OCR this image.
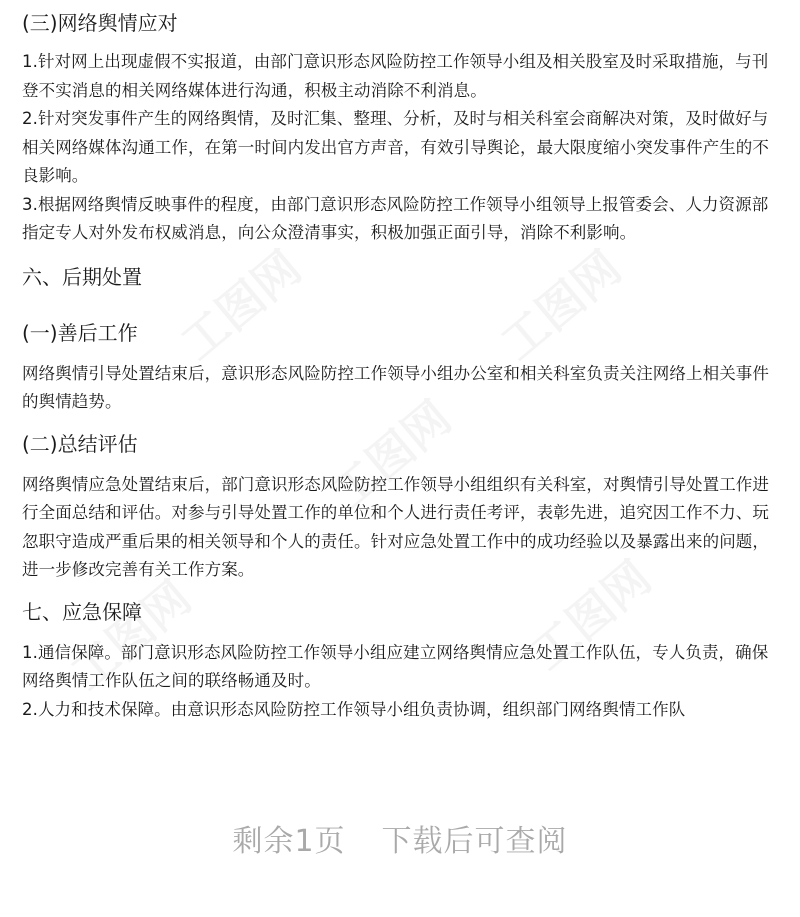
(三)网络舆情应对

1.针对网上出现虚假不实报道，由部门意识形态风险防控工作领导小组及相关股室及时采取措施，与刊登不实消息的相关网络媒体进行沟通，积极主动消除不利消息。

2.针对突发事件产生的网络舆情，及时汇集、整理、分析，及时与相关科室会商解决对策，及时做好与相关网络媒体沟通工作，在第一时间内发出官方声音，有效引导舆论，最大限度缩小突发事件产生的不良影响。

3.根据网络舆情反映事件的程度，由部门意识形态风险防控工作领导小组领导上报管委会、人力资源部指定专人对外发布权威消息，向公众澄清事实，积极加强正面引导，消除不利影响。

六、后期处置
(一)善后工作

网络舆情引导处置结束后，意识形态风险防控工作领导小组办公室和相关科室负责关注网络上相关事件的舆情趋势。

(二)总结评估

网络舆情应急处置结束后，部门意识形态风险防控工作领导小组组织有关科室，对舆情引导处置工作进行全面总结和评估。对参与引导处置工作的单位和个人进行责任考评，表彰先进，追究因工作不力、玩忽职守造成严重后果的相关领导和个人的责任。针对应急处置工作中的成功经验以及暴露出来的问题，进一步修改完善有关工作方案。

七、应急保障

1.通信保障。部门意识形态风险防控工作领导小组应建立网络舆情应急处置工作队伍，专人负责，确保网络舆情工作队伍之间的联络畅通及时。

2.人力和技术保障。由意识形态风险防控工作领导小组负责协调，组织部门网络舆情工作队

剩余1页 下载后可查阅
